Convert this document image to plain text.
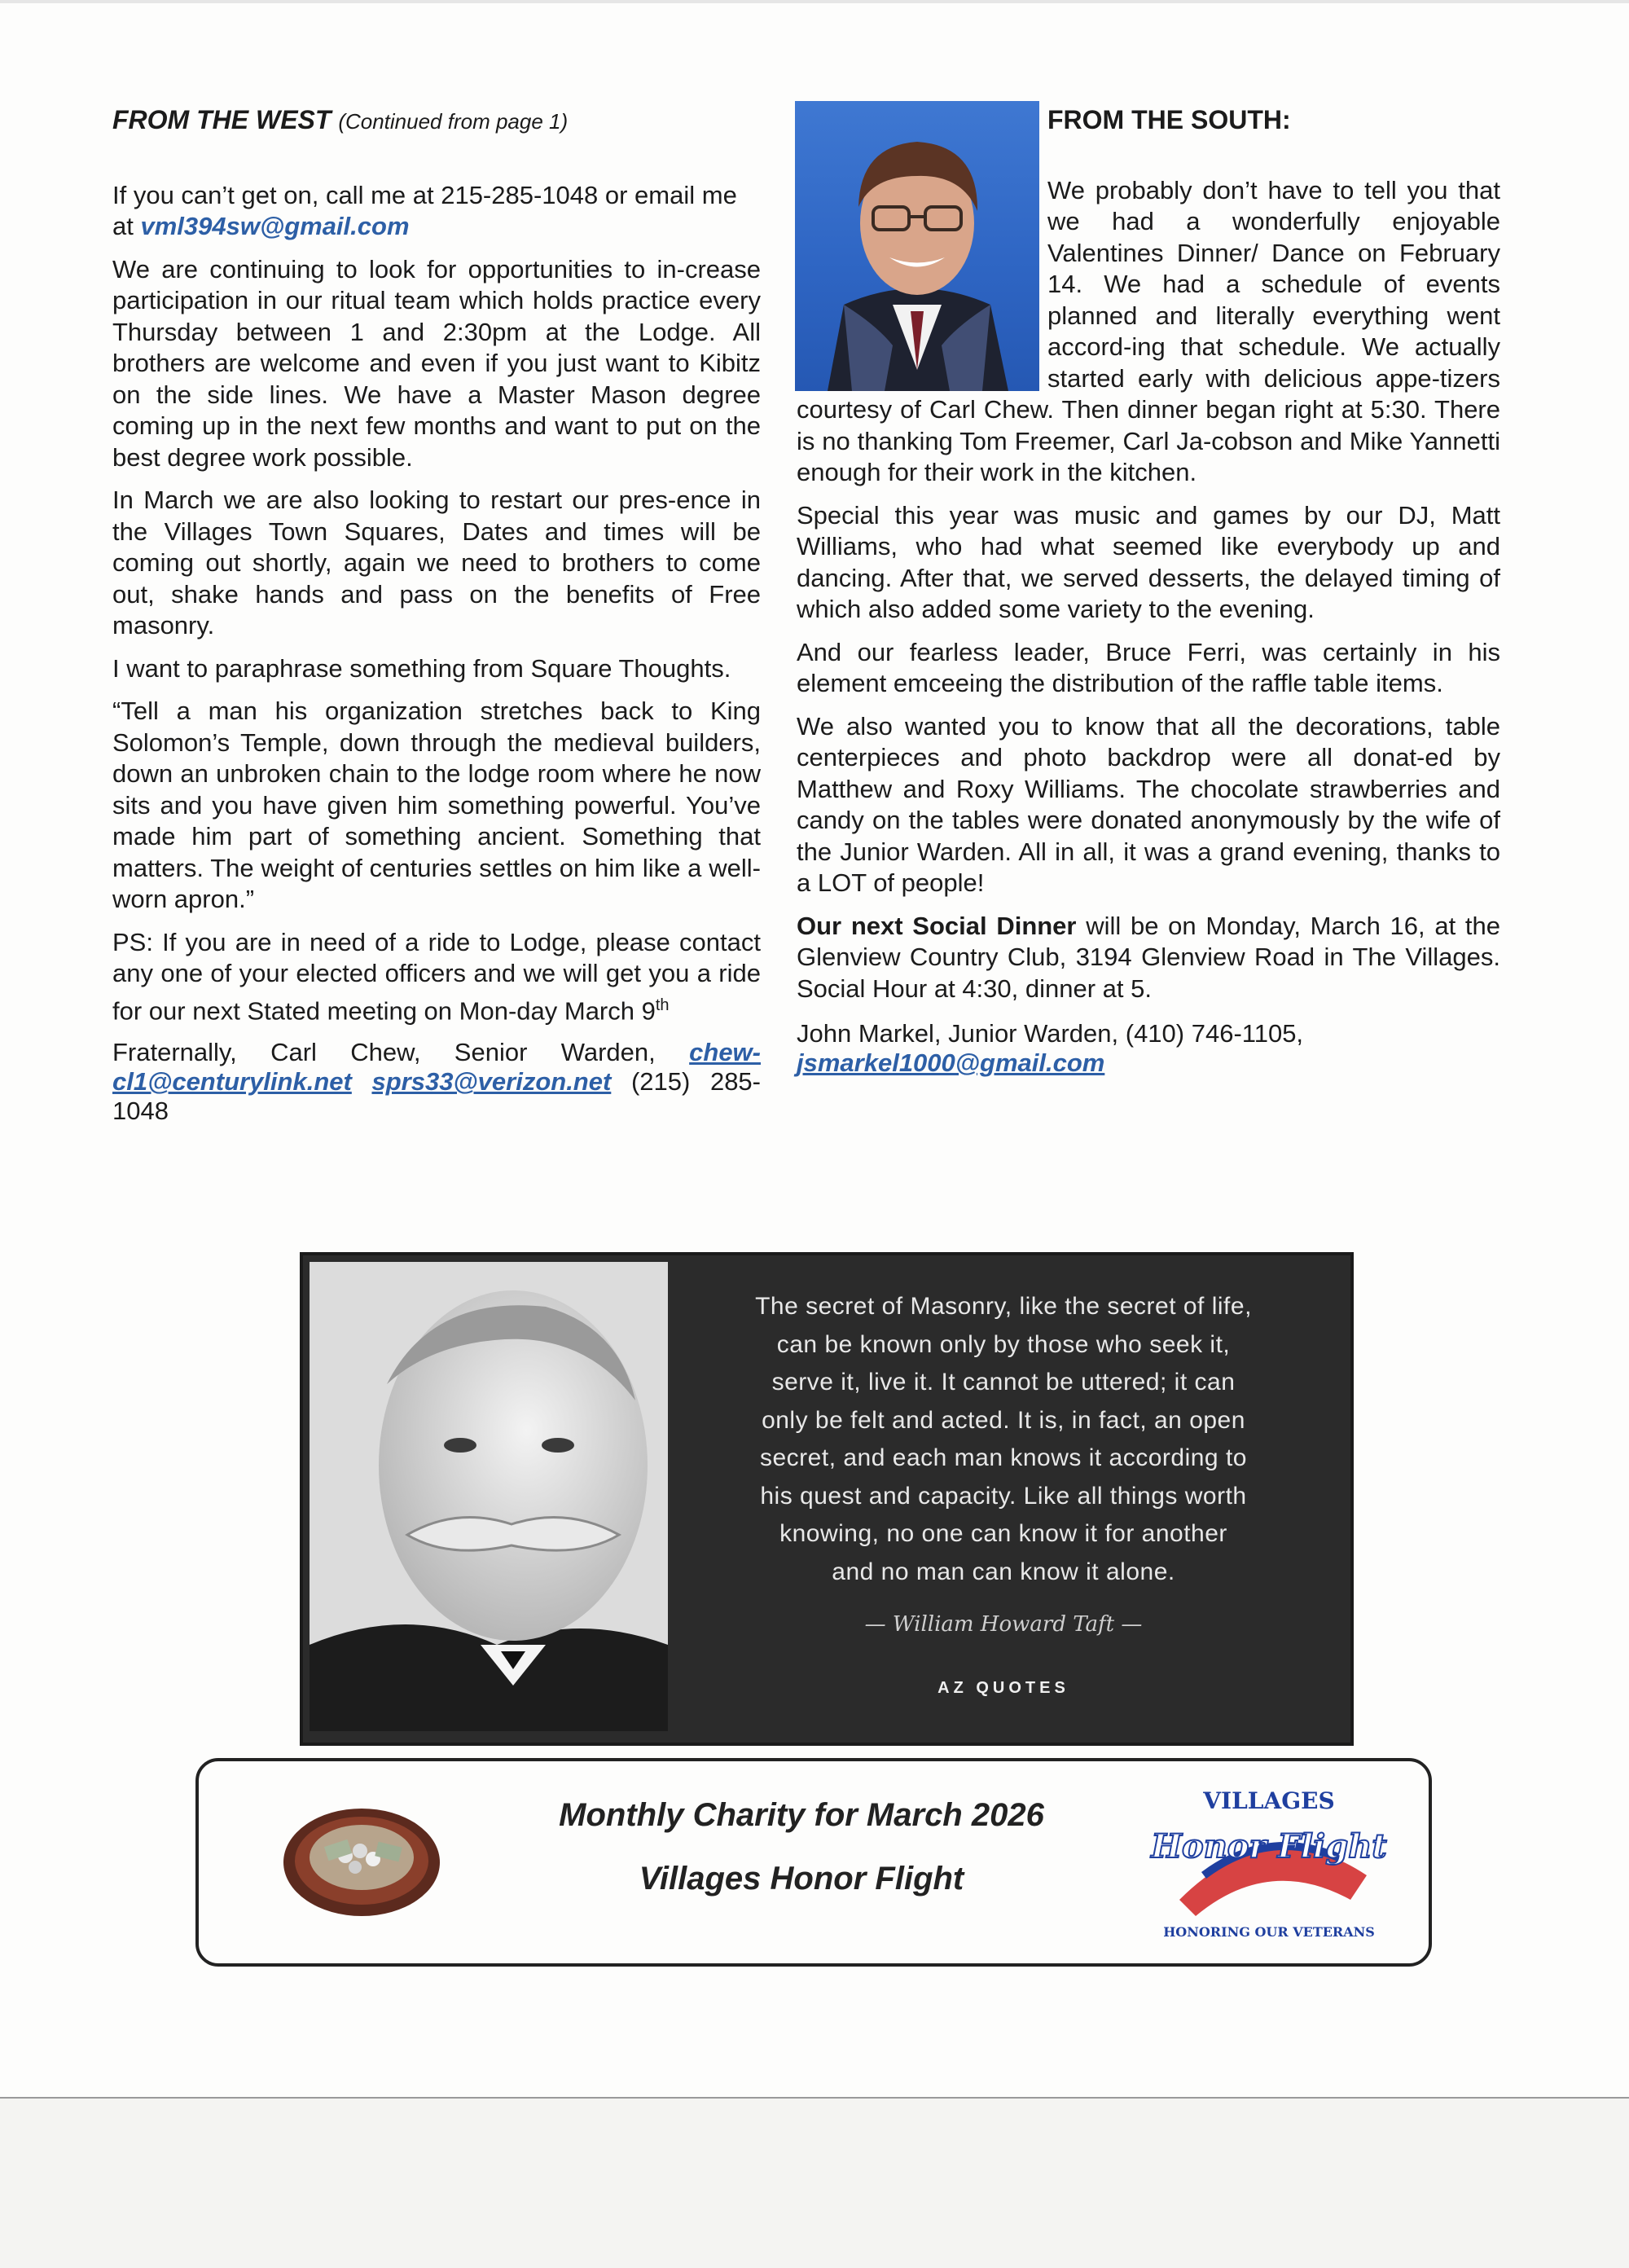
FROM THE WEST (Continued from page 1)

If you can’t get on, call me at 215-285-1048 or email me at vml394sw@gmail.com

We are continuing to look for opportunities to in-crease participation in our ritual team which holds practice every Thursday between 1 and 2:30pm at the Lodge. All brothers are welcome and even if you just want to Kibitz on the side lines. We have a Master Mason degree coming up in the next few months and want to put on the best degree work possible.

In March we are also looking to restart our pres-ence in the Villages Town Squares, Dates and times will be coming out shortly, again we need to brothers to come out, shake hands and pass on the benefits of Free masonry.

I want to paraphrase something from Square Thoughts.

“Tell a man his organization stretches back to King Solomon’s Temple, down through the medieval builders, down an unbroken chain to the lodge room where he now sits and you have given him something powerful. You’ve made him part of something ancient. Something that matters. The weight of centuries settles on him like a well-worn apron.”

PS: If you are in need of a ride to Lodge, please contact any one of your elected officers and we will get you a ride for our next Stated meeting on Mon-day March 9th

Fraternally, Carl Chew, Senior Warden, chew-cl1@centurylink.net sprs33@verizon.net (215) 285-1048

FROM THE SOUTH:

We probably don’t have to tell you that we had a wonderfully enjoyable Valentines Dinner/ Dance on February 14. We had a schedule of events planned and literally everything went accord-ing that schedule. We actually started early with delicious appe-tizers courtesy of Carl Chew. Then dinner began right at 5:30. There is no thanking Tom Freemer, Carl Ja-cobson and Mike Yannetti enough for their work in the kitchen.

Special this year was music and games by our DJ, Matt Williams, who had what seemed like everybody up and dancing. After that, we served desserts, the delayed timing of which also added some variety to the evening.

And our fearless leader, Bruce Ferri, was certainly in his element emceeing the distribution of the raffle table items.

We also wanted you to know that all the decorations, table centerpieces and photo backdrop were all donat-ed by Matthew and Roxy Williams. The chocolate strawberries and candy on the tables were donated anonymously by the wife of the Junior Warden. All in all, it was a grand evening, thanks to a LOT of people!

Our next Social Dinner will be on Monday, March 16, at the Glenview Country Club, 3194 Glenview Road in The Villages. Social Hour at 4:30, dinner at 5.

John Markel, Junior Warden, (410) 746-1105,
jsmarkel1000@gmail.com

The secret of Masonry, like the secret of life,
can be known only by those who seek it,
serve it, live it. It cannot be uttered; it can
only be felt and acted. It is, in fact, an open
secret, and each man knows it according to
his quest and capacity. Like all things worth
knowing, no one can know it for another
and no man can know it alone.
— William Howard Taft —
AZ QUOTES
Monthly Charity for March 2026
Villages Honor Flight
VILLAGES
Honor Flight
HONORING OUR VETERANS
